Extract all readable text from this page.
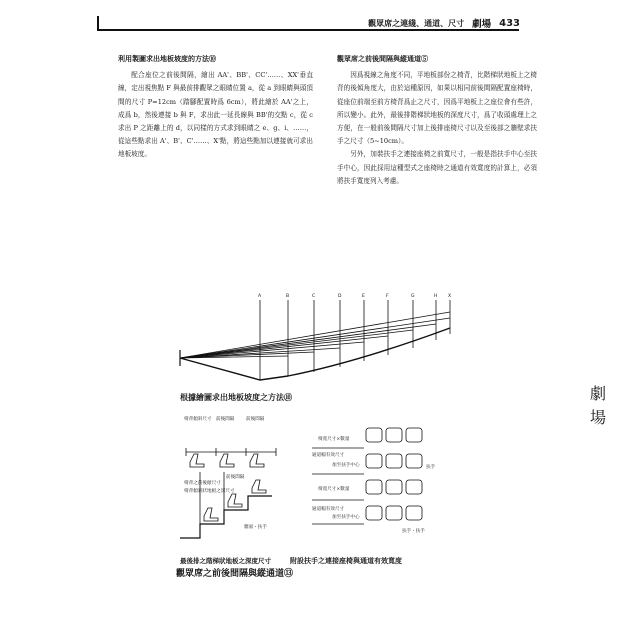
觀眾席之連綫、通道、尺寸 劇場 433
利用製圖求出地板坡度的方法⑩
配合座位之前後間隔，繪出 AA'、BB'、CC'……、XX'垂直線，定出視焦點 F 與最前排觀眾之眼睛位置 a，從 a 到眼睛與頭頂間的尺寸 P=12cm（踏腳配置時爲 6cm），將此繪於 AA'之上，成爲 b，然後連接 b 與 F，求出此一延長線與 BB'的交點 c，從 c 求出 P 之距離上的 d，以同樣的方式求到眼睛之 e、g、i、……，從這些點求出 A'、B'、C'……、X'點，將這些點加以連接就可求出地板坡度。
觀眾席之前後間隔與縱通道⑤
因爲視線之角度不同，平地板部份之椅背，比階梯狀地板上之椅背的後傾角度大，由於這種原因，如果以相同前後間隔配置座椅時，從座位前端至前方椅背爲止之尺寸，因爲平地板上之座位會有些許，所以變小。此外，最後排階梯狀地板的深度尺寸，爲了收頭處理上之方便，在一般前後間隔尺寸加上後排座椅尺寸以及至後部之牆壁求扶手之尺寸（5~10cm）。
另外，加裝扶手之連接座椅之前寬尺寸，一般是指扶手中心至扶手中心，因此採用這種型式之座椅時之通道有效寬度的計算上，必須將扶手寬度列入考慮。
A	B	C	D	E	F	G	H X
根據繪圖求出地板坡度之方法⑩
椅背傾斜尺寸 前後間隔	前後間隔
椅背之前後傾尺寸
椅背傾斜狀地板之深尺寸
前後間隔
牆面・扶手
最後排之階梯狀地板之深度尺寸
觀眾席之前後間隔與縱通道⑬
椅寬尺寸×數量
通道幅有效尺寸
加至扶手中心
椅寬尺寸×數量
通道幅有效尺寸
加至扶手中心
扶手・扶手
扶手
附設扶手之連接座椅與通道有效寬度
劇
場
